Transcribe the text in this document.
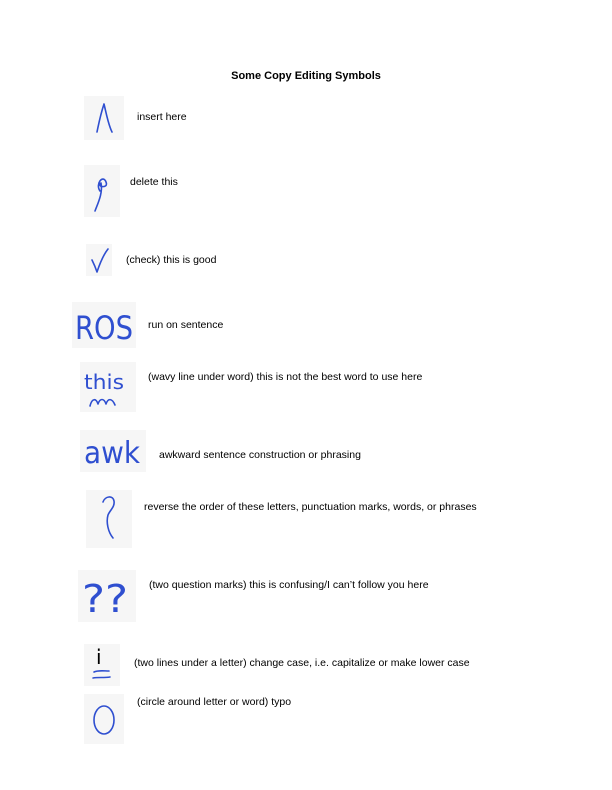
Some Copy Editing Symbols

insert here

delete this

(check) this is good

ROS run on sentence

this (wavy line under word) this is not the best word to use here

awk awkward sentence construction or phrasing

reverse the order of these letters, punctuation marks, words, or phrases

?? (two question marks) this is confusing/I can’t follow you here

i	(two lines under a letter) change case, i.e. capitalize or make lower case

(circle around letter or word) typo
